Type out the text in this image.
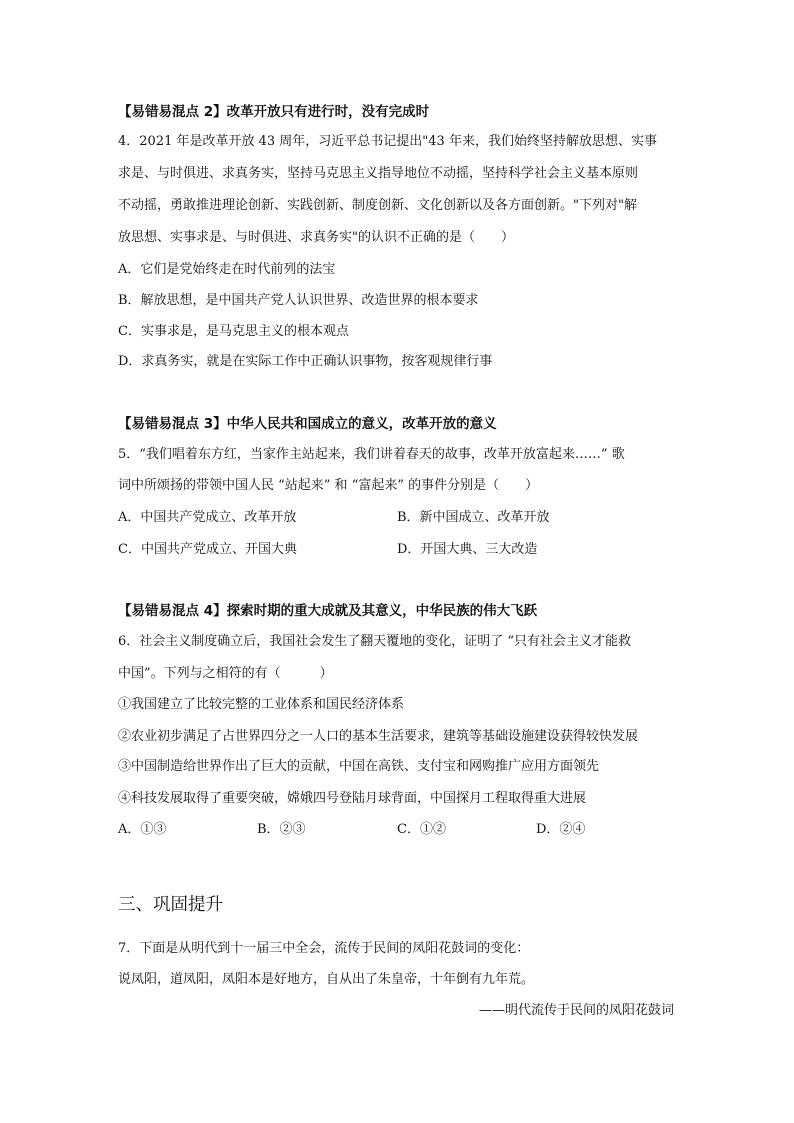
【易错易混点 2】改革开放只有进行时，没有完成时
4．2021 年是改革开放 43 周年，习近平总书记提出"43 年来，我们始终坚持解放思想、实事
求是、与时俱进、求真务实，坚持马克思主义指导地位不动摇，坚持科学社会主义基本原则
不动摇，勇敢推进理论创新、实践创新、制度创新、文化创新以及各方面创新。"下列对"解
放思想、实事求是、与时俱进、求真务实"的认识不正确的是（　　）
A．它们是党始终走在时代前列的法宝
B．解放思想，是中国共产党人认识世界、改造世界的根本要求
C．实事求是，是马克思主义的根本观点
D．求真务实，就是在实际工作中正确认识事物，按客观规律行事
【易错易混点 3】中华人民共和国成立的意义，改革开放的意义
5．“我们唱着东方红，当家作主站起来，我们讲着春天的故事，改革开放富起来……” 歌
词中所颂扬的带领中国人民 “站起来” 和 “富起来” 的事件分别是（　　）
A．中国共产党成立、改革开放	B．新中国成立、改革开放
C．中国共产党成立、开国大典	D．开国大典、三大改造
【易错易混点 4】探索时期的重大成就及其意义，中华民族的伟大飞跃
6．社会主义制度确立后，我国社会发生了翻天覆地的变化，证明了 “只有社会主义才能救
中国”。下列与之相符的有（　　　）
①我国建立了比较完整的工业体系和国民经济体系
②农业初步满足了占世界四分之一人口的基本生活要求，建筑等基础设施建设获得较快发展
③中国制造给世界作出了巨大的贡献，中国在高铁、支付宝和网购推广应用方面领先
④科技发展取得了重要突破，嫦娥四号登陆月球背面，中国探月工程取得重大进展
A．①③	B．②③	C．①②	D．②④
三、巩固提升
7．下面是从明代到十一届三中全会，流传于民间的凤阳花鼓词的变化：
说凤阳，道凤阳，凤阳本是好地方，自从出了朱皇帝，十年倒有九年荒。
——明代流传于民间的凤阳花鼓词
